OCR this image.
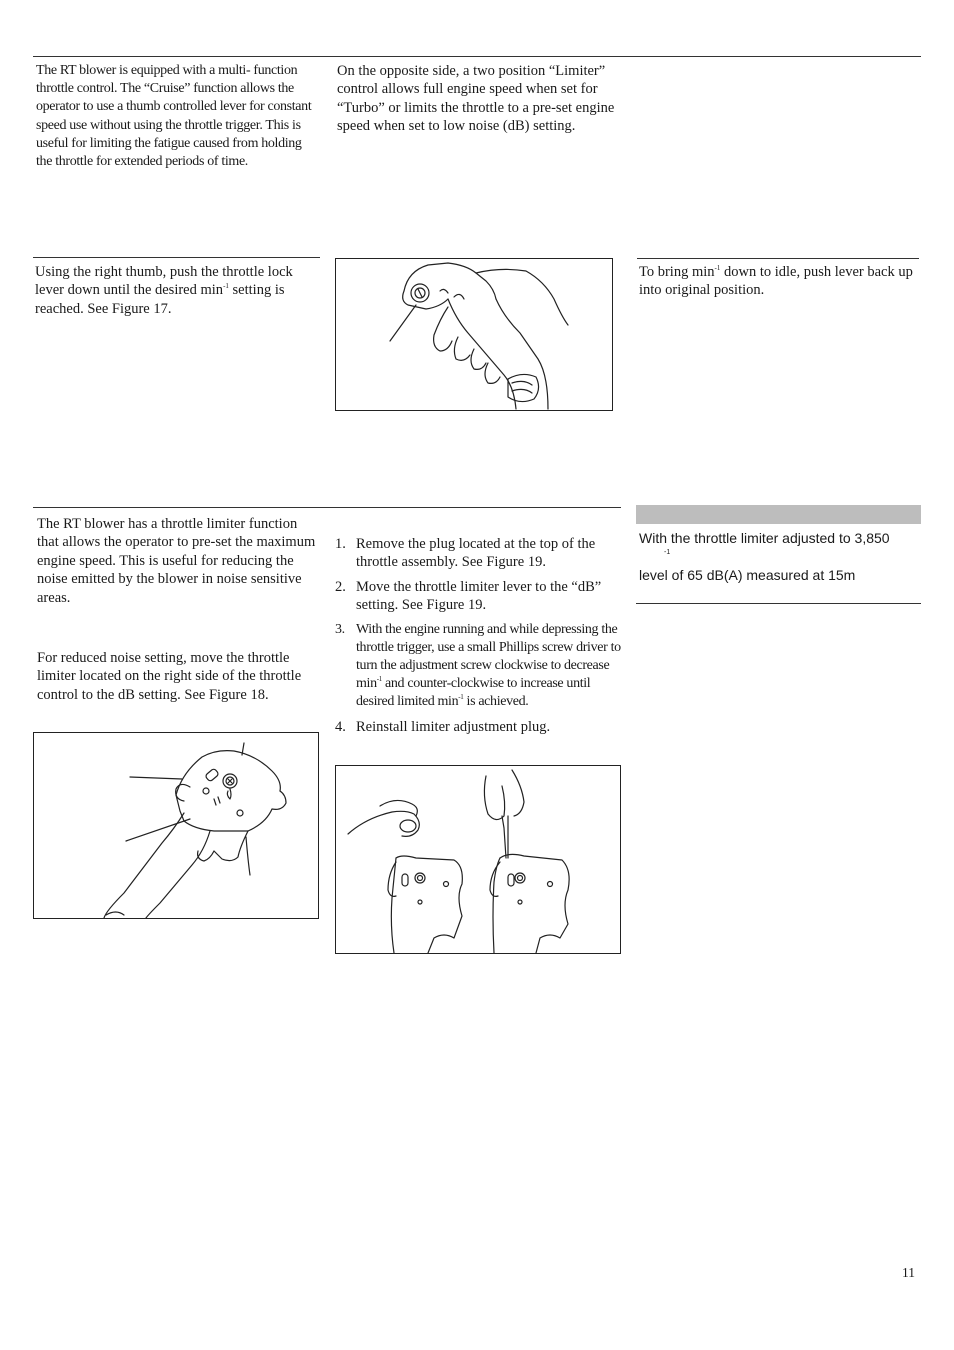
The RT blower is equipped with a multi- function throttle control. The “Cruise” function allows the operator to use a thumb controlled lever for constant speed use without using the throttle trigger. This is useful for limiting the fatigue caused from holding the throttle for extended periods of time.

On the opposite side, a two position “Limiter” control allows full engine speed when set for “Turbo” or limits the throttle to a pre-set engine speed when set to low noise (dB) setting.

Using the right thumb, push the throttle lock lever down until the desired $\min^{-1}$ setting is reached. See Figure 17.

To bring $\min^{-1}$ down to idle, push lever back up into original position.

The RT blower has a throttle limiter function that allows the operator to pre-set the maximum engine speed. This is useful for reducing the noise emitted by the blower in noise sensitive areas.

For reduced noise setting, move the throttle limiter located on the right side of the throttle control to the dB setting. See Figure 18.

1. Remove the plug located at the top of the throttle assembly. See Figure 19.
2. Move the throttle limiter lever to the “dB” setting. See Figure 19.
3. With the engine running and while depressing the throttle trigger, use a small Phillips screw driver to turn the adjustment screw clockwise to decrease $\min^{-1}$ and counter-clockwise to increase until desired limited $\min^{-1}$ is achieved.
4. Reinstall limiter adjustment plug.

With the throttle limiter adjusted to 3,850

-1

level of 65 dB(A) measured at 15m

11
